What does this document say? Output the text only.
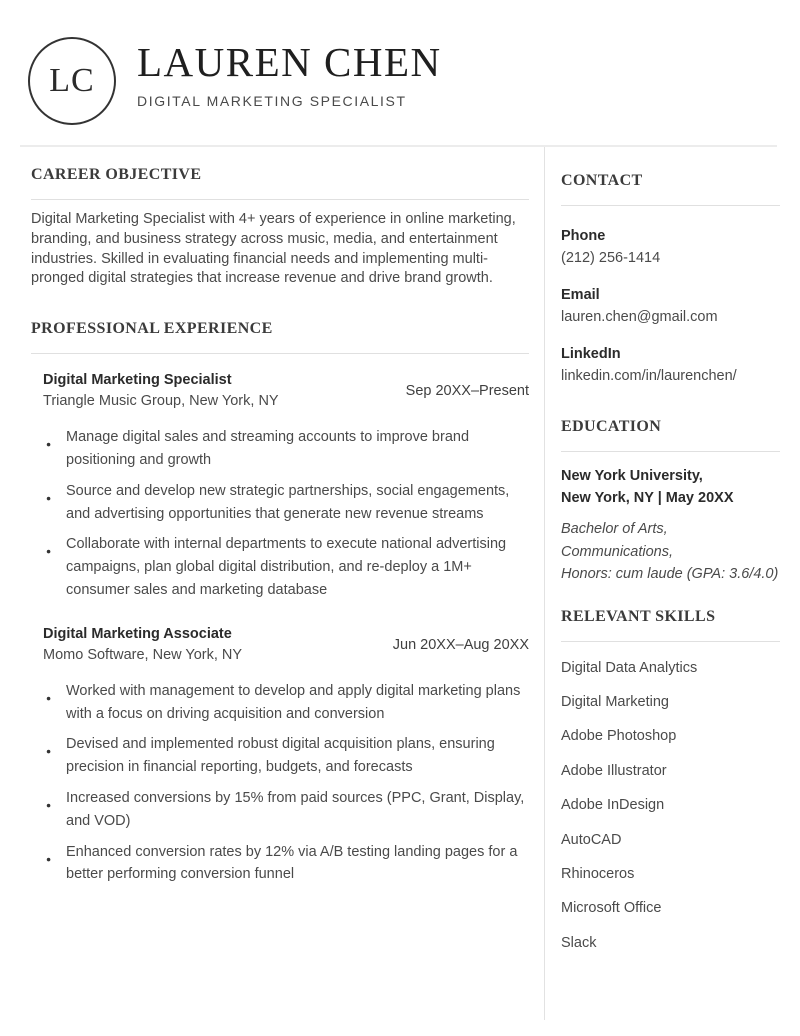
LC LAUREN CHEN
DIGITAL MARKETING SPECIALIST
CAREER OBJECTIVE

Digital Marketing Specialist with 4+ years of experience in online marketing, branding, and business strategy across music, media, and entertainment industries. Skilled in evaluating financial needs and implementing multi-pronged digital strategies that increase revenue and drive brand growth.

PROFESSIONAL EXPERIENCE
Digital Marketing Specialist
Triangle Music Group, New York, NY
Sep 20XX–Present
● Manage digital sales and streaming accounts to improve brand positioning and growth
● Source and develop new strategic partnerships, social engagements, and advertising opportunities that generate new revenue streams
● Collaborate with internal departments to execute national advertising campaigns, plan global digital distribution, and re-deploy a 1M+ consumer sales and marketing database
Digital Marketing Associate
Momo Software, New York, NY
Jun 20XX–Aug 20XX
● Worked with management to develop and apply digital marketing plans with a focus on driving acquisition and conversion
● Devised and implemented robust digital acquisition plans, ensuring precision in financial reporting, budgets, and forecasts
● Increased conversions by 15% from paid sources (PPC, Grant, Display, and VOD)
● Enhanced conversion rates by 12% via A/B testing landing pages for a better performing conversion funnel
CONTACT
Phone
(212) 256-1414
Email
lauren.chen@gmail.com
LinkedIn
linkedin.com/in/laurenchen/
EDUCATION
New York University,
New York, NY | May 20XX
Bachelor of Arts,
Communications,
Honors: cum laude (GPA: 3.6/4.0)
RELEVANT SKILLS
Digital Data Analytics
Digital Marketing
Adobe Photoshop
Adobe Illustrator
Adobe InDesign
AutoCAD
Rhinoceros
Microsoft Office
Slack
